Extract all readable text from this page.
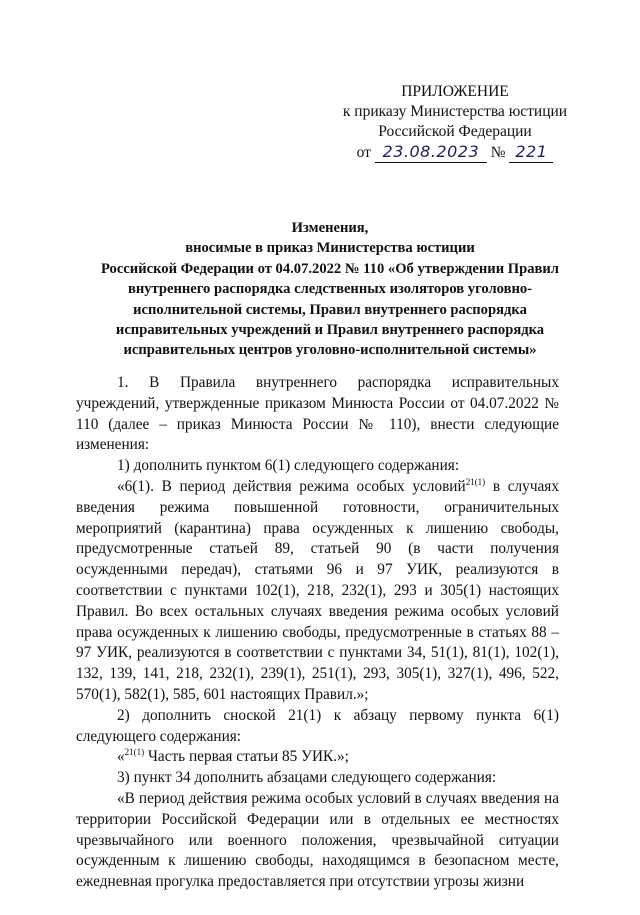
ПРИЛОЖЕНИЕ
к приказу Министерства юстиции
Российской Федерации
от 23.08.2023 № 221
Изменения,
вносимые в приказ Министерства юстиции
Российской Федерации от 04.07.2022 № 110 «Об утверждении Правил
внутреннего распорядка следственных изоляторов уголовно-
исполнительной системы, Правил внутреннего распорядка
исправительных учреждений и Правил внутреннего распорядка
исправительных центров уголовно-исполнительной системы»

1. В Правила внутреннего распорядка исправительных учреждений, утвержденные приказом Минюста России от 04.07.2022 № 110 (далее – приказ Минюста России № 110), внести следующие изменения:

1) дополнить пунктом 6(1) следующего содержания:

«6(1). В период действия режима особых условий$^{21(1)}$ в случаях введения режима повышенной готовности, ограничительных мероприятий (карантина) права осужденных к лишению свободы, предусмотренные статьей 89, статьей 90 (в части получения осужденными передач), статьями 96 и 97 УИК, реализуются в соответствии с пунктами 102(1), 218, 232(1), 293 и 305(1) настоящих Правил. Во всех остальных случаях введения режима особых условий права осужденных к лишению свободы, предусмотренные в статьях 88 – 97 УИК, реализуются в соответствии с пунктами 34, 51(1), 81(1), 102(1), 132, 139, 141, 218, 232(1), 239(1), 251(1), 293, 305(1), 327(1), 496, 522, 570(1), 582(1), 585, 601 настоящих Правил.»;

2) дополнить сноской 21(1) к абзацу первому пункта 6(1) следующего содержания:

«$^{21(1)}$ Часть первая статьи 85 УИК.»;

3) пункт 34 дополнить абзацами следующего содержания:

«В период действия режима особых условий в случаях введения на территории Российской Федерации или в отдельных ее местностях чрезвычайного или военного положения, чрезвычайной ситуации осужденным к лишению свободы, находящимся в безопасном месте, ежедневная прогулка предоставляется при отсутствии угрозы жизни
